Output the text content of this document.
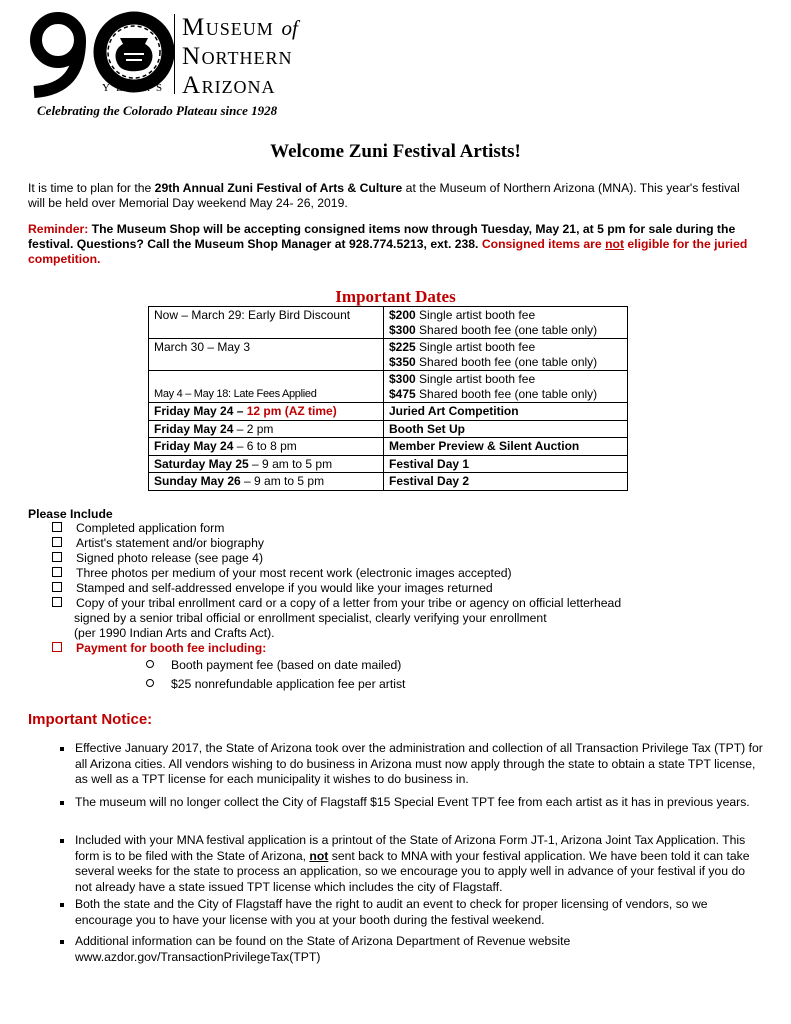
YEARS
MUSEUM of
NORTHERN
ARIZONA
Celebrating the Colorado Plateau since 1928
Welcome Zuni Festival Artists!
It is time to plan for the 29th Annual Zuni Festival of Arts & Culture at the Museum of Northern Arizona (MNA). This year's festival will be held over Memorial Day weekend May 24- 26, 2019.
Reminder: The Museum Shop will be accepting consigned items now through Tuesday, May 21, at 5 pm for sale during the festival. Questions? Call the Museum Shop Manager at 928.774.5213, ext. 238. Consigned items are not eligible for the juried competition.
Important Dates
Now – March 29: Early Bird Discount	$200 Single artist booth fee
$300 Shared booth fee (one table only)
March 30 – May 3	$225 Single artist booth fee
$350 Shared booth fee (one table only)
May 4 – May 18: Late Fees Applied	$300 Single artist booth fee
$475 Shared booth fee (one table only)
Friday May 24 – 12 pm (AZ time)	Juried Art Competition
Friday May 24 – 2 pm	Booth Set Up
Friday May 24 – 6 to 8 pm	Member Preview & Silent Auction
Saturday May 25 – 9 am to 5 pm	Festival Day 1
Sunday May 26 – 9 am to 5 pm	Festival Day 2
Please Include
Completed application form
Artist's statement and/or biography
Signed photo release (see page 4)
Three photos per medium of your most recent work (electronic images accepted)
Stamped and self-addressed envelope if you would like your images returned
Copy of your tribal enrollment card or a copy of a letter from your tribe or agency on official letterhead
signed by a senior tribal official or enrollment specialist, clearly verifying your enrollment
(per 1990 Indian Arts and Crafts Act).
Payment for booth fee including:
Booth payment fee (based on date mailed)
$25 nonrefundable application fee per artist
Important Notice:
Effective January 2017, the State of Arizona took over the administration and collection of all Transaction Privilege Tax (TPT) for all Arizona cities. All vendors wishing to do business in Arizona must now apply through the state to obtain a state TPT license, as well as a TPT license for each municipality it wishes to do business in.
The museum will no longer collect the City of Flagstaff $15 Special Event TPT fee from each artist as it has in previous years.
Included with your MNA festival application is a printout of the State of Arizona Form JT-1, Arizona Joint Tax Application. This form is to be filed with the State of Arizona, not sent back to MNA with your festival application. We have been told it can take several weeks for the state to process an application, so we encourage you to apply well in advance of your festival if you do not already have a state issued TPT license which includes the city of Flagstaff.
Both the state and the City of Flagstaff have the right to audit an event to check for proper licensing of vendors, so we encourage you to have your license with you at your booth during the festival weekend.
Additional information can be found on the State of Arizona Department of Revenue website
www.azdor.gov/TransactionPrivilegeTax(TPT)
